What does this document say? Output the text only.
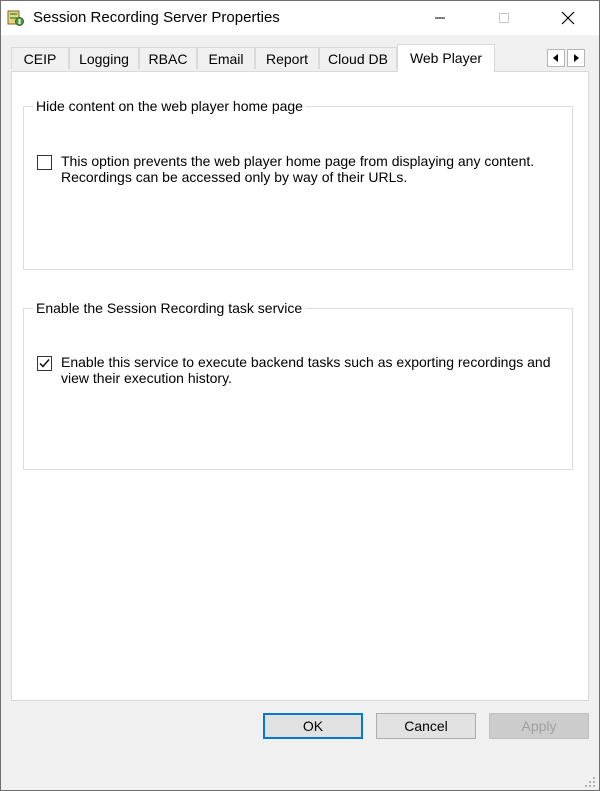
Session Recording Server Properties
CEIP	Logging	RBAC	Email	Report	Cloud DB	Web Player
Hide content on the web player home page
This option prevents the web player home page from displaying any content. Recordings can be accessed only by way of their URLs.
Enable the Session Recording task service
Enable this service to execute backend tasks such as exporting recordings and view their execution history.
OK	Cancel	Apply
